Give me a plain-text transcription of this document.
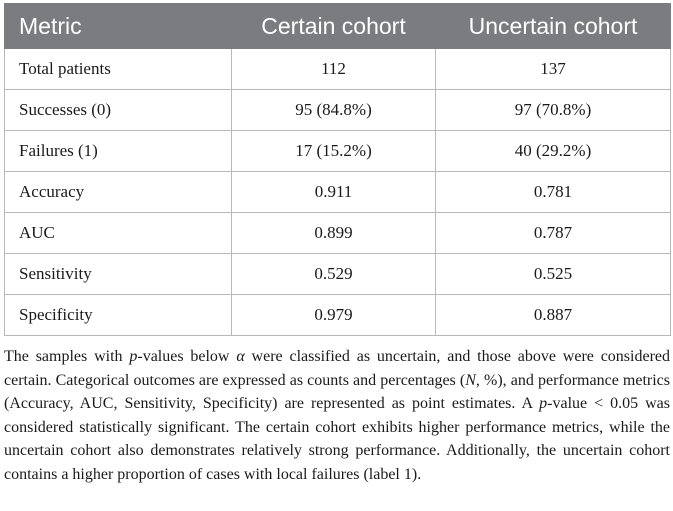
Metric	Certain cohort	Uncertain cohort
Total patients	112	137
Successes (0)	95 (84.8%)	97 (70.8%)
Failures (1)	17 (15.2%)	40 (29.2%)
Accuracy	0.911	0.781
AUC	0.899	0.787
Sensitivity	0.529	0.525
Specificity	0.979	0.887

The samples with p-values below α were classified as uncertain, and those above were considered certain. Categorical outcomes are expressed as counts and percentages (N, %), and performance metrics (Accuracy, AUC, Sensitivity, Specificity) are represented as point estimates. A p-value < 0.05 was considered statistically significant. The certain cohort exhibits higher performance metrics, while the uncertain cohort also demonstrates relatively strong performance. Additionally, the uncertain cohort contains a higher proportion of cases with local failures (label 1).
